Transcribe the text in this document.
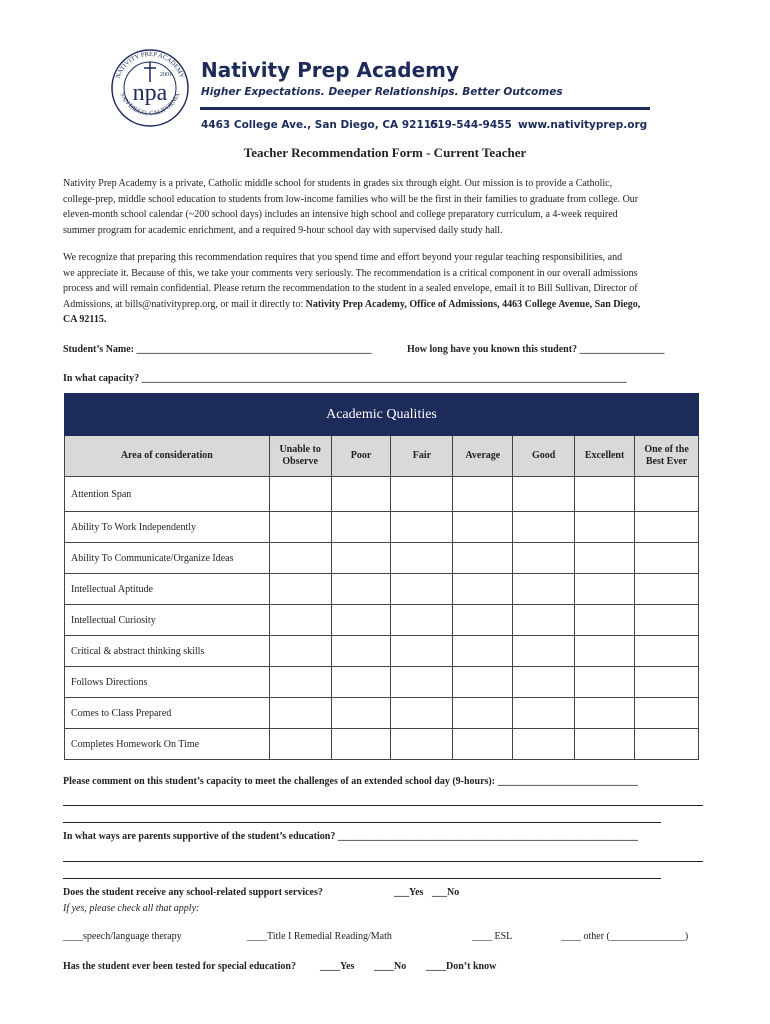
npa
2001
NATIVITY PREP ACADEMY
SAN DIEGO, CALIFORNIA
Nativity Prep Academy
Higher Expectations. Deeper Relationships. Better Outcomes
4463 College Ave., San Diego, CA 92115
619-544-9455 www.nativityprep.org
Teacher Recommendation Form - Current Teacher
Nativity Prep Academy is a private, Catholic middle school for students in grades six through eight. Our mission is to provide a Catholic,
college-prep, middle school education to students from low-income families who will be the first in their families to graduate from college. Our
eleven-month school calendar (~200 school days) includes an intensive high school and college preparatory curriculum, a 4-week required
summer program for academic enrichment, and a required 9-hour school day with supervised daily study hall.
We recognize that preparing this recommendation requires that you spend time and effort beyond your regular teaching responsibilities, and
we appreciate it. Because of this, we take your comments very seriously. The recommendation is a critical component in our overall admissions
process and will remain confidential. Please return the recommendation to the student in a sealed envelope, email it to Bill Sullivan, Director of
Admissions, at bills@nativityprep.org, or mail it directly to: Nativity Prep Academy, Office of Admissions, 4463 College Avenue, San Diego,
CA 92115.
Student’s Name: _______________________________________________	How long have you known this student? _________________
In what capacity? _________________________________________________________________________________________________
Academic Qualities							
Area of consideration	Unable to
Observe	Poor	Fair	Average	Good	Excellent	One of the
Best Ever
Attention Span							
Ability To Work Independently							
Ability To Communicate/Organize Ideas							
Intellectual Aptitude							
Intellectual Curiosity							
Critical & abstract thinking skills							
Follows Directions							
Comes to Class Prepared							
Completes Homework On Time							
Please comment on this student’s capacity to meet the challenges of an extended school day (9-hours): ____________________________
In what ways are parents supportive of the student’s education? ____________________________________________________________
Does the student receive any school-related support services?	___Yes ___No
If yes, please check all that apply:
____speech/language therapy	____Title I Remedial Reading/Math	____ ESL	____ other (_______________)
Has the student ever been tested for special education? ____Yes ____No ____Don’t know
